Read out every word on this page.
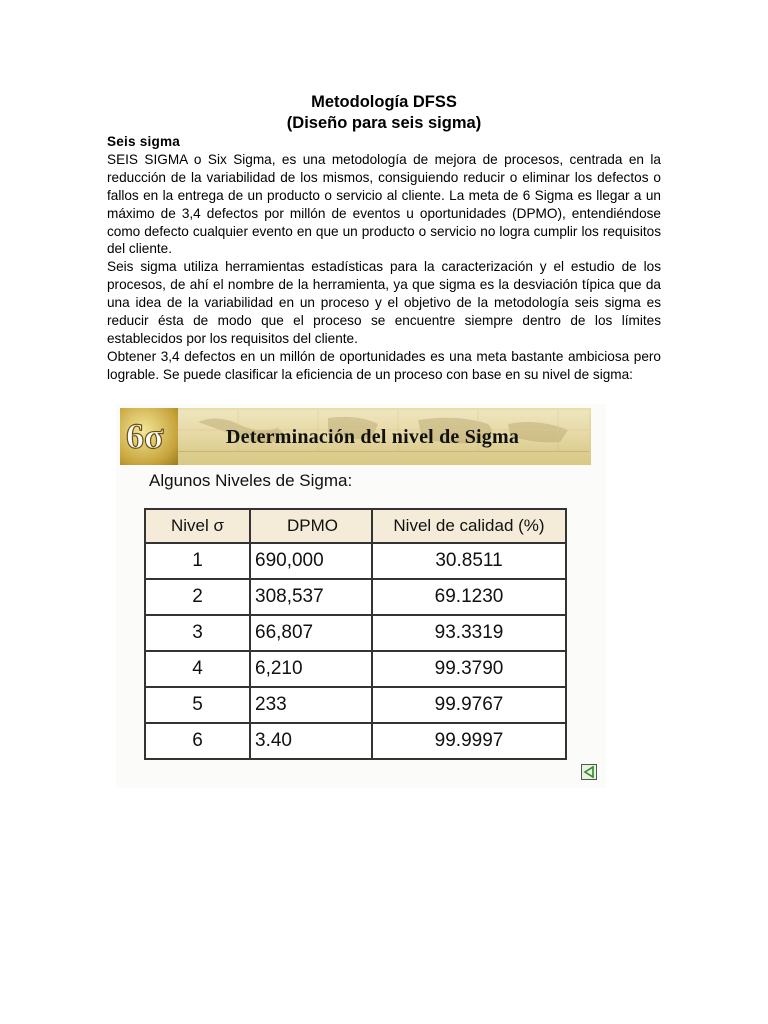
Metodología DFSS
(Diseño para seis sigma)
Seis sigma

SEIS SIGMA o Six Sigma, es una metodología de mejora de procesos, centrada en la reducción de la variabilidad de los mismos, consiguiendo reducir o eliminar los defectos o fallos en la entrega de un producto o servicio al cliente. La meta de 6 Sigma es llegar a un máximo de 3,4 defectos por millón de eventos u oportunidades (DPMO), entendiéndose como defecto cualquier evento en que un producto o servicio no logra cumplir los requisitos del cliente.

Seis sigma utiliza herramientas estadísticas para la caracterización y el estudio de los procesos, de ahí el nombre de la herramienta, ya que sigma es la desviación típica que da una idea de la variabilidad en un proceso y el objetivo de la metodología seis sigma es reducir ésta de modo que el proceso se encuentre siempre dentro de los límites establecidos por los requisitos del cliente.

Obtener 3,4 defectos en un millón de oportunidades es una meta bastante ambiciosa pero lograble. Se puede clasificar la eficiencia de un proceso con base en su nivel de sigma:

6σ	Determinación del nivel de Sigma
Algunos Niveles de Sigma:
Nivel σ	DPMO	Nivel de calidad (%)
1	690,000	30.8511
2	308,537	69.1230
3	66,807	93.3319
4	6,210	99.3790
5	233	99.9767
6	3.40	99.9997
